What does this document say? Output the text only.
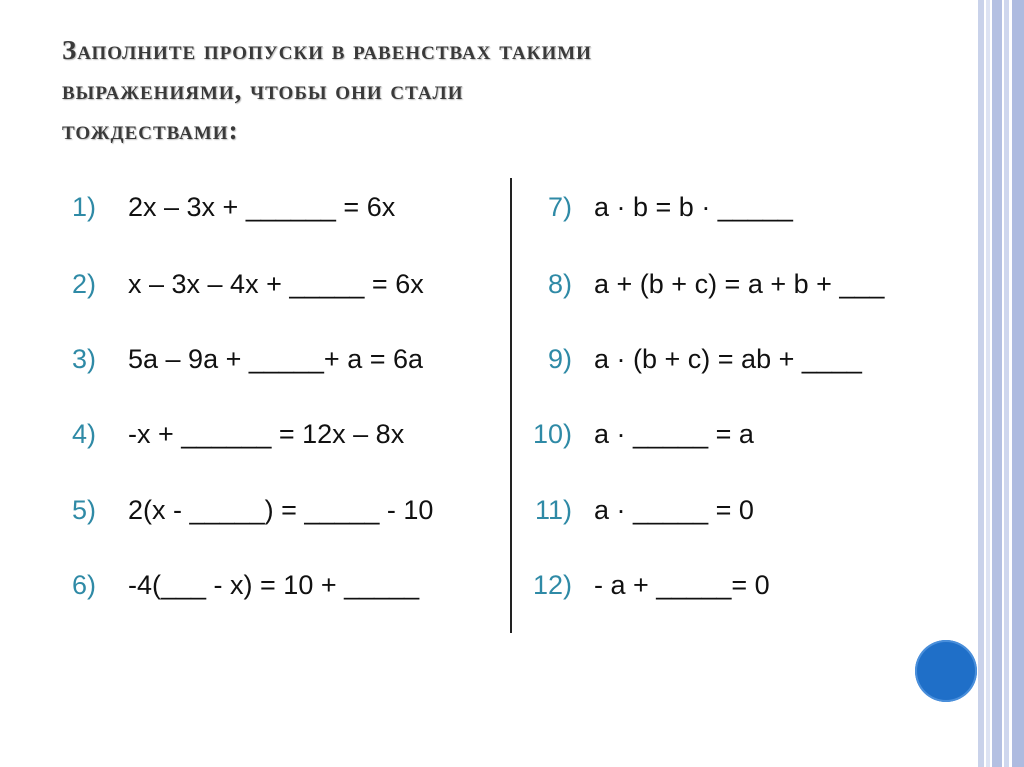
Заполните пропуски в равенствах такими
выражениями, чтобы они стали
тождествами:
1) 2x – 3x + ______ = 6x
2) x – 3x – 4x + _____ = 6x
3) 5a – 9a + _____+ a = 6a
4) -x + ______ = 12x – 8x
5) 2(x - _____) = _____ - 10
6) -4(___ - x) = 10 + _____
7) a · b = b · _____
8) a + (b + c) = a + b + ___
9) a · (b + c) = ab + ____
10) a · _____ = a
11) a · _____ = 0
12) - a + _____= 0
